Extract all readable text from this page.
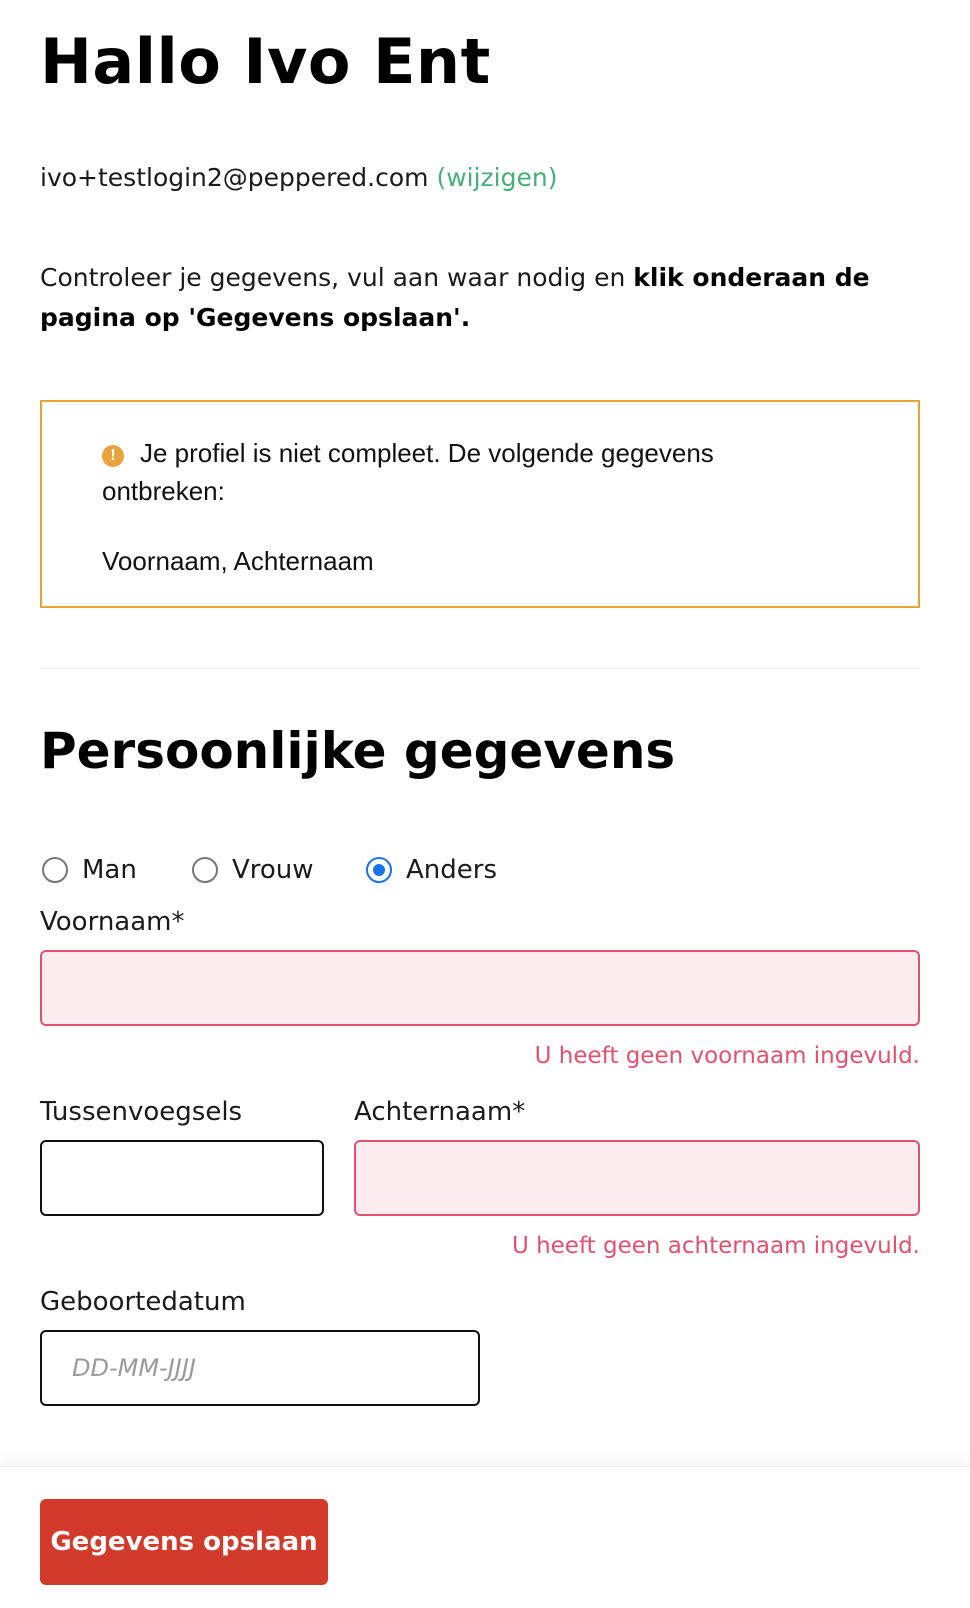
Hallo Ivo Ent
ivo+testlogin2@peppered.com (wijzigen)

Controleer je gegevens, vul aan waar nodig en klik onderaan de pagina op 'Gegevens opslaan'.

! Je profiel is niet compleet. De volgende gegevens ontbreken:
Voornaam, Achternaam
Persoonlijke gegevens
Man	Vrouw	Anders
Voornaam*
U heeft geen voornaam ingevuld.
Tussenvoegsels	Achternaam*
U heeft geen achternaam ingevuld.
Geboortedatum
DD-MM-JJJJ
Gegevens opslaan
